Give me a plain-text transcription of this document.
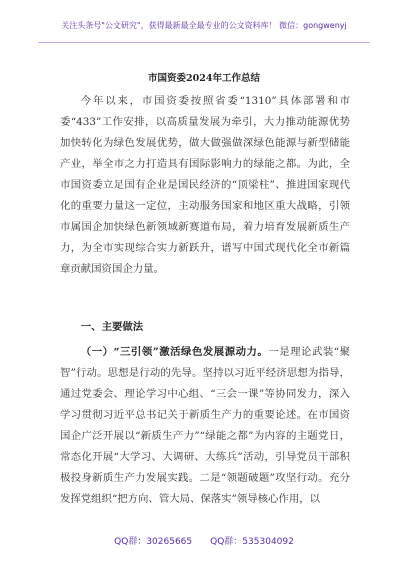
关注头条号"公文研究"，获得最新最全最专业的公文资料库！ 微信：gongwenyj
市国资委2024年工作总结

今年以来，市国资委按照省委“1310”具体部署和市委“433”工作安排，以高质量发展为牵引，大力推动能源优势加快转化为绿色发展优势，做大做强做深绿色能源与新型储能产业，举全市之力打造具有国际影响力的绿能之都。为此，全市国资委立足国有企业是国民经济的“顶梁柱”、推进国家现代化的重要力量这一定位，主动服务国家和地区重大战略，引领市属国企加快绿色新领域新赛道布局，着力培育发展新质生产力，为全市实现综合实力新跃升，谱写中国式现代化全市新篇章贡献国资国企力量。

一、主要做法

（一）“三引领”激活绿色发展源动力。一是理论武装“聚智”行动。思想是行动的先导。坚持以习近平经济思想为指导，通过党委会、理论学习中心组、“三会一课”等协同发力，深入学习贯彻习近平总书记关于新质生产力的重要论述。在市国资国企广泛开展以“新质生产力”“绿能之都”为内容的主题党日，常态化开展“大学习、大调研、大练兵”活动，引导党员干部积极投身新质生产力发展实践。二是“领题破题”攻坚行动。充分发挥党组织“把方向、管大局、保落实”领导核心作用，以

QQ群：30265665 QQ群：535304092
